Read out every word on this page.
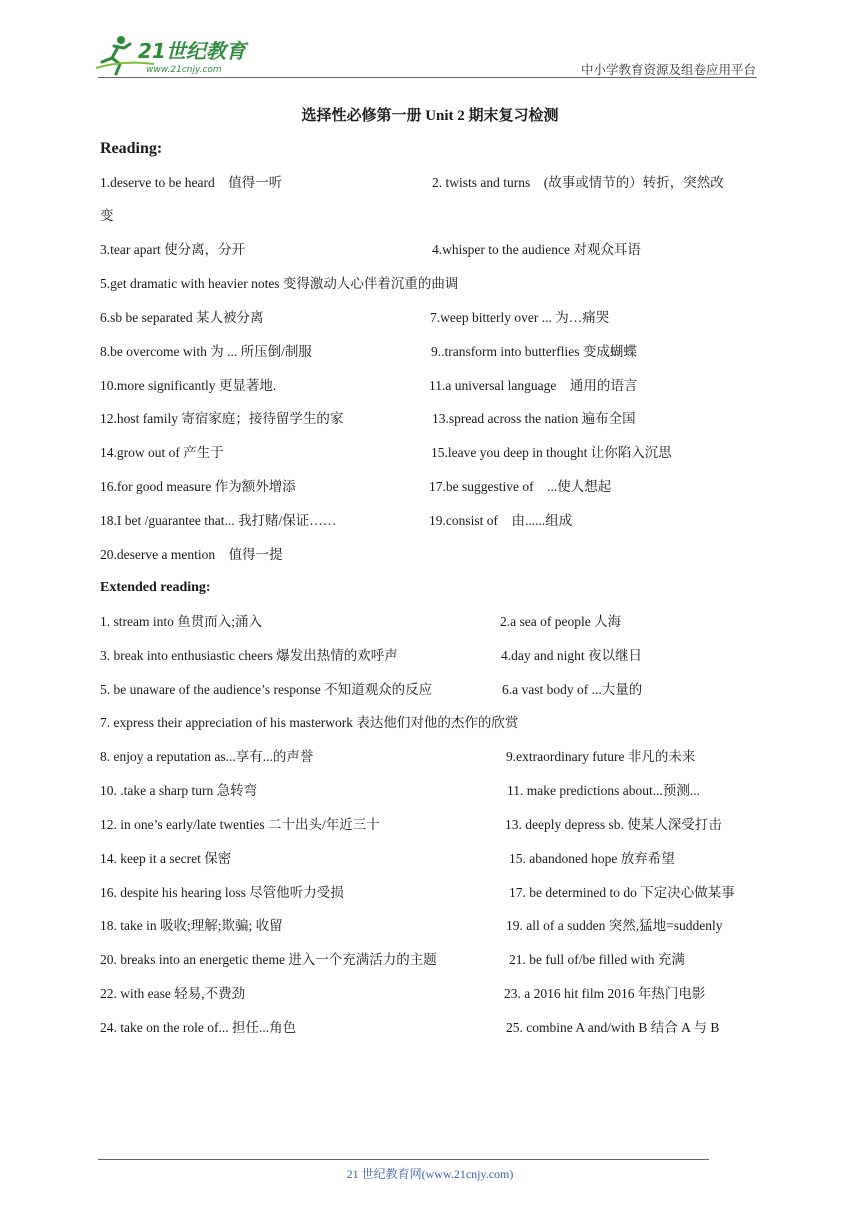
21世纪教育
www.21cnjy.com	中小学教育资源及组卷应用平台
选择性必修第一册 Unit 2 期末复习检测
Reading:
1.deserve to be heard　值得一听	2. twists and turns　(故事或情节的）转折，突然改
变
3.tear apart 使分离，分开	4.whisper to the audience 对观众耳语
5.get dramatic with heavier notes 变得激动人心伴着沉重的曲调
6.sb be separated 某人被分离	7.weep bitterly over ... 为…痛哭
8.be overcome with 为 ... 所压倒/制服	9..transform into butterflies 变成蝴蝶
10.more significantly 更显著地.	11.a universal language　通用的语言
12.host family 寄宿家庭；接待留学生的家	13.spread across the nation 遍布全国
14.grow out of 产生于	15.leave you deep in thought 让你陷入沉思
16.for good measure 作为额外增添	17.be suggestive of　...使人想起
18.I bet /guarantee that... 我打赌/保证……	19.consist of　由......组成
20.deserve a mention　值得一提
Extended reading:
1. stream into 鱼贯而入;涌入	2.a sea of people 人海
3. break into enthusiastic cheers 爆发出热情的欢呼声	4.day and night 夜以继日
5. be unaware of the audience’s response 不知道观众的反应	6.a vast body of ...大量的
7. express their appreciation of his masterwork 表达他们对他的杰作的欣赏
8. enjoy a reputation as...享有...的声誉	9.extraordinary future 非凡的未来
10. .take a sharp turn 急转弯	11. make predictions about...预测...
12. in one’s early/late twenties 二十出头/年近三十	13. deeply depress sb. 使某人深受打击
14. keep it a secret 保密	15. abandoned hope 放弃希望
16. despite his hearing loss 尽管他听力受损	17. be determined to do 下定决心做某事
18. take in 吸收;理解;欺骗; 收留	19. all of a sudden 突然,猛地=suddenly
20. breaks into an energetic theme 进入一个充满活力的主题	21. be full of/be filled with 充满
22. with ease 轻易,不费劲	23. a 2016 hit film 2016 年热门电影
24. take on the role of... 担任...角色	25. combine A and/with B 结合 A 与 B
21 世纪教育网(www.21cnjy.com)
